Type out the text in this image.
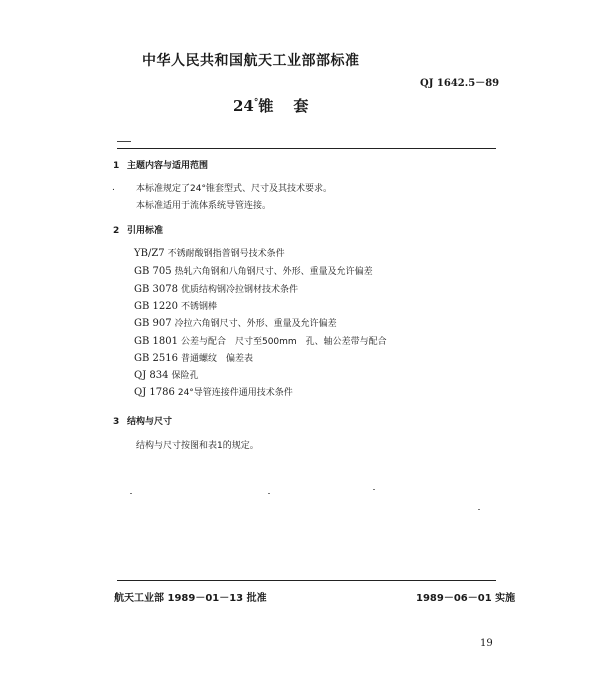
中华人民共和国航天工业部部标准
QJ 1642.5－89
24°锥 套
1 主题内容与适用范围
. 本标准规定了24°锥套型式、尺寸及其技术要求。
本标准适用于流体系统导管连接。
2 引用标准
YB/Z7 不锈耐酸钢指普钢号技术条件
GB 705 热轧六角钢和八角钢尺寸、外形、重量及允许偏差
GB 3078 优质结构钢冷拉钢材技术条件
GB 1220 不锈钢棒
GB 907 冷拉六角钢尺寸、外形、重量及允许偏差
GB 1801 公差与配合　尺寸至500mm　孔、轴公差带与配合
GB 2516 普通螺纹　偏差表
QJ 834 保险孔
QJ 1786 24°导管连接件通用技术条件
3 结构与尺寸
结构与尺寸按图和表1的规定。
航天工业部 1989－01－13 批准	1989－06－01 实施
19
